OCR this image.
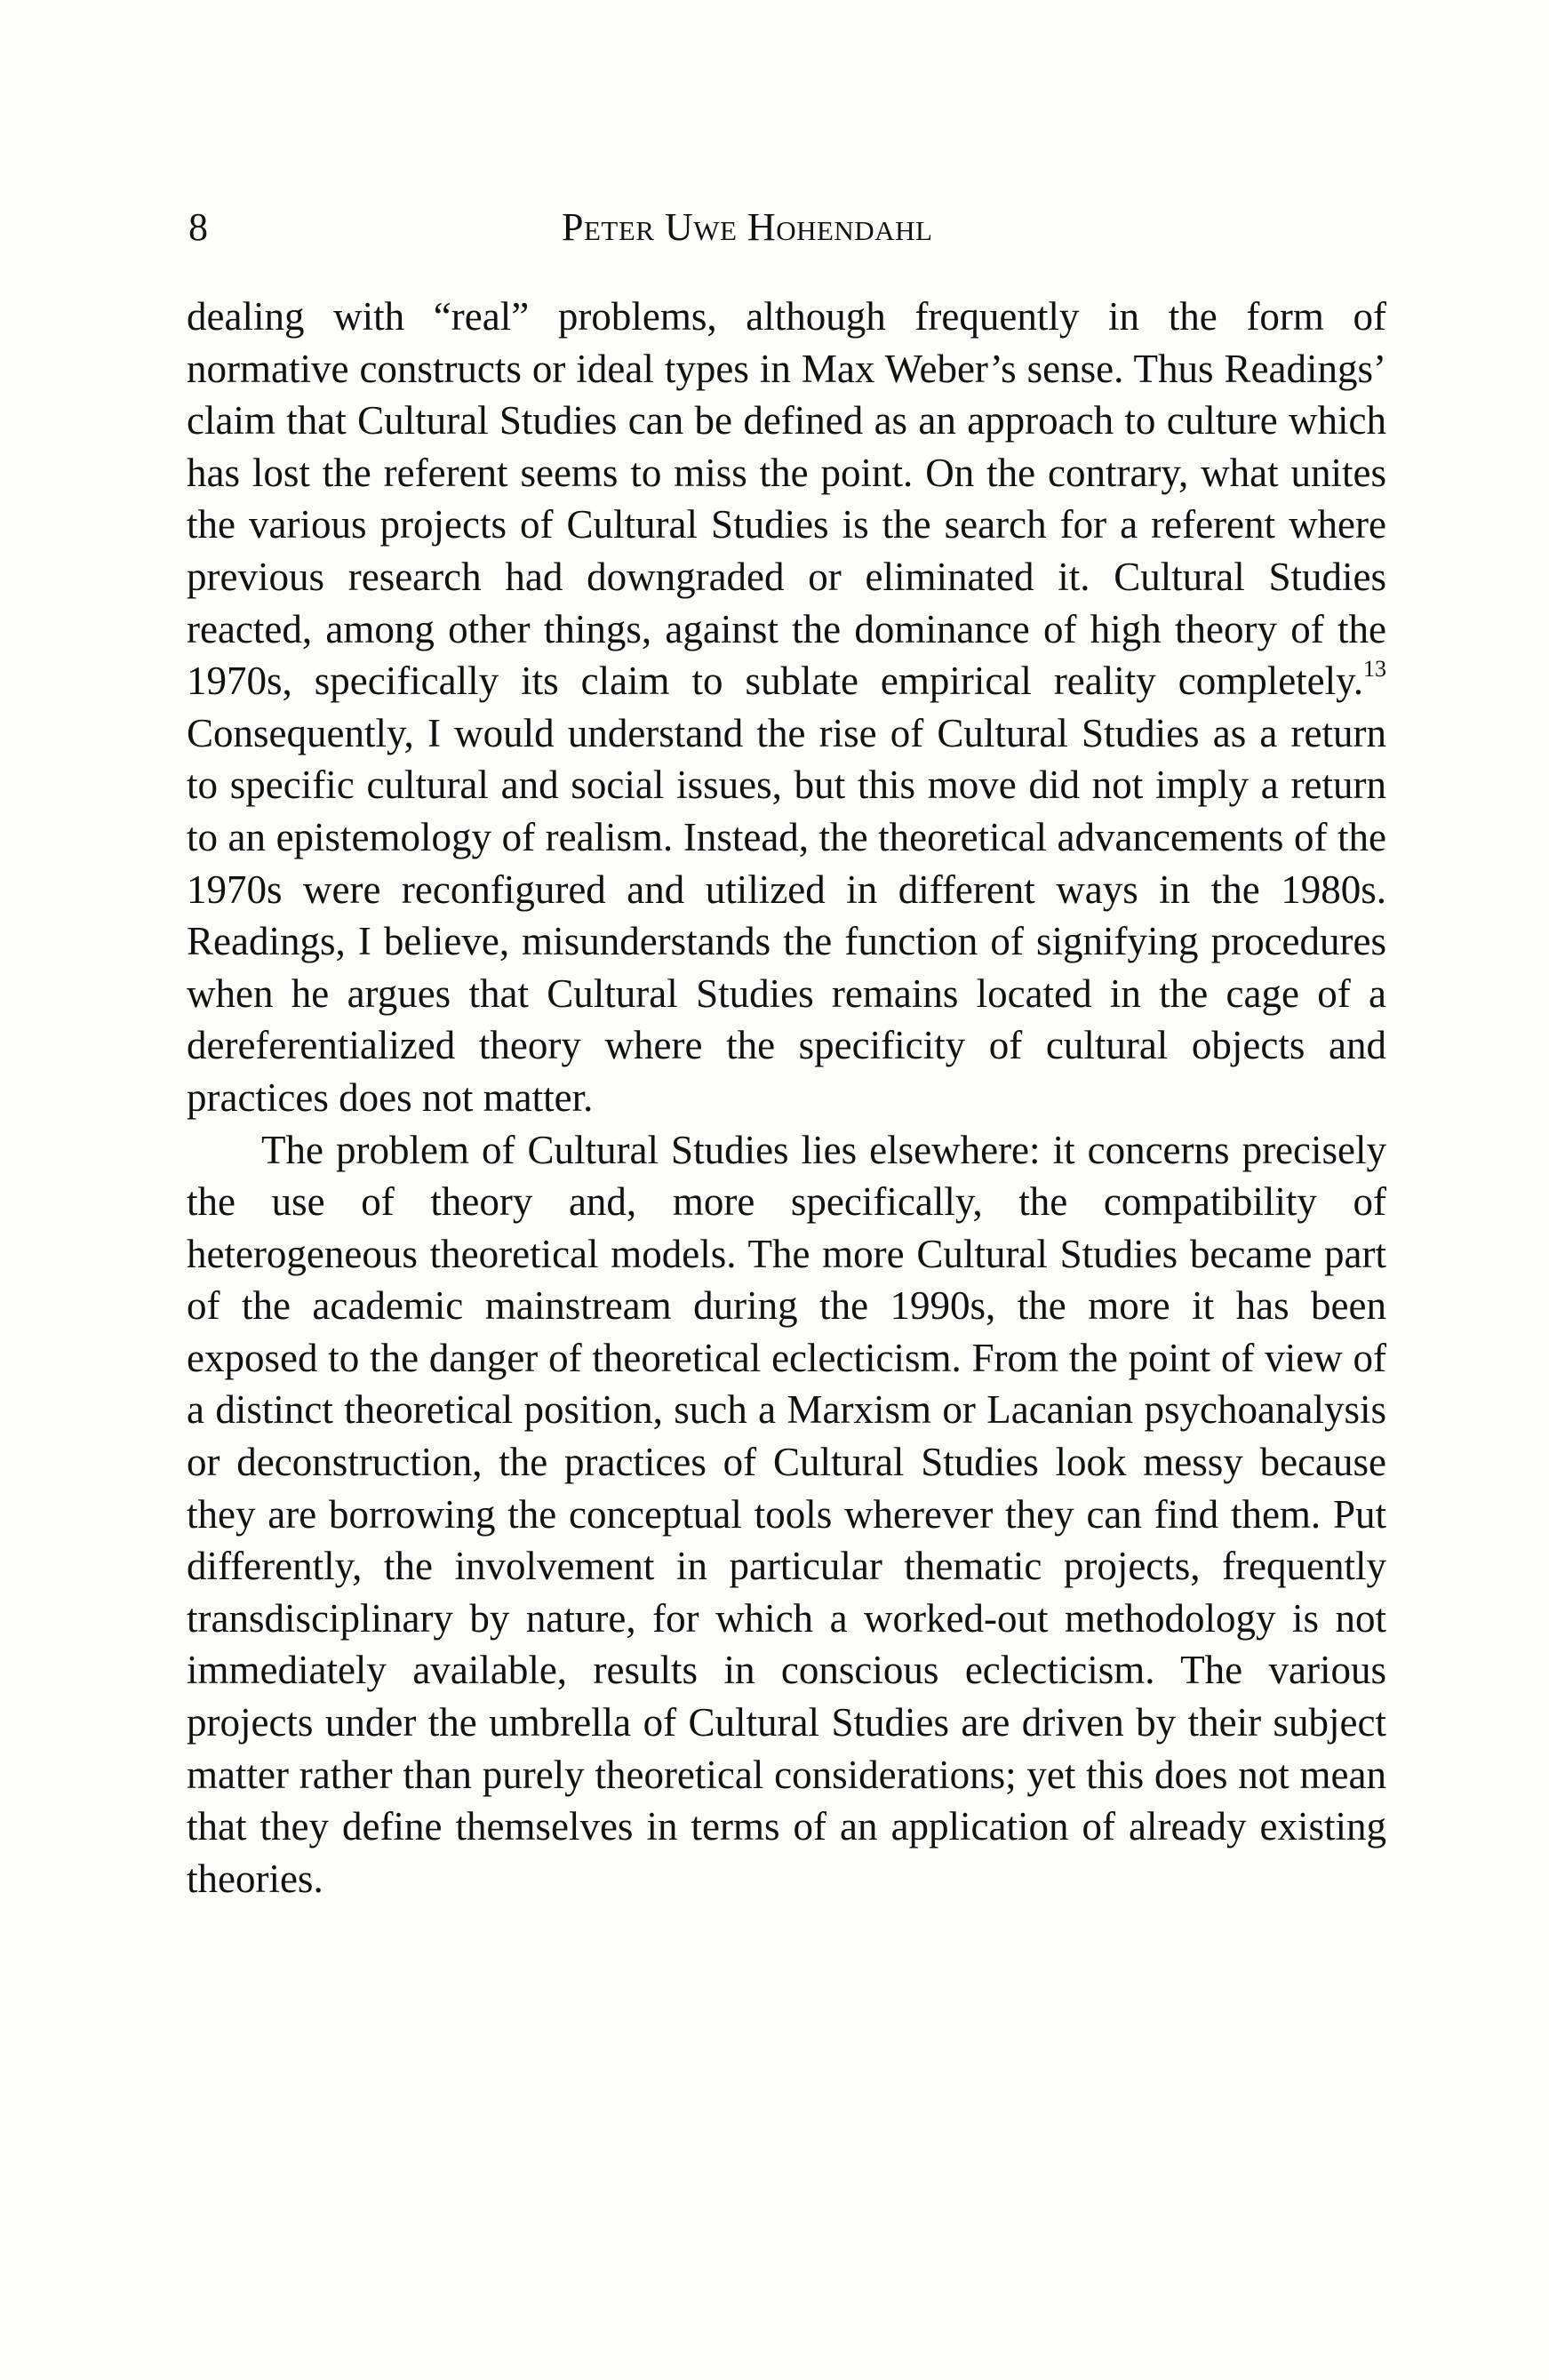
8	Peter Uwe Hohendahl

dealing with “real” problems, although frequently in the form of normative constructs or ideal types in Max Weber’s sense. Thus Readings’ claim that Cultural Studies can be defined as an approach to culture which has lost the referent seems to miss the point. On the contrary, what unites the various projects of Cultural Studies is the search for a referent where previous research had downgraded or eliminated it. Cultural Studies reacted, among other things, against the dominance of high theory of the 1970s, specifically its claim to sublate empirical reality completely.$^{13}$ Consequently, I would understand the rise of Cultural Studies as a return to specific cultural and social issues, but this move did not imply a return to an epistemology of realism. Instead, the theoretical advancements of the 1970s were reconfigured and utilized in different ways in the 1980s. Readings, I believe, misunderstands the function of signifying procedures when he argues that Cultural Studies remains located in the cage of a dereferentialized theory where the specificity of cultural objects and practices does not matter.

The problem of Cultural Studies lies elsewhere: it concerns precisely the use of theory and, more specifically, the compatibility of heterogeneous theoretical models. The more Cultural Studies became part of the academic mainstream during the 1990s, the more it has been exposed to the danger of theoretical eclecticism. From the point of view of a distinct theoretical position, such a Marxism or Lacanian psychoanalysis or deconstruction, the practices of Cultural Studies look messy because they are borrowing the conceptual tools wherever they can find them. Put differently, the involvement in particular thematic projects, frequently transdisciplinary by nature, for which a worked-out methodology is not immediately available, results in conscious eclecticism. The various projects under the umbrella of Cultural Studies are driven by their subject matter rather than purely theoretical considerations; yet this does not mean that they define themselves in terms of an application of already existing theories.
